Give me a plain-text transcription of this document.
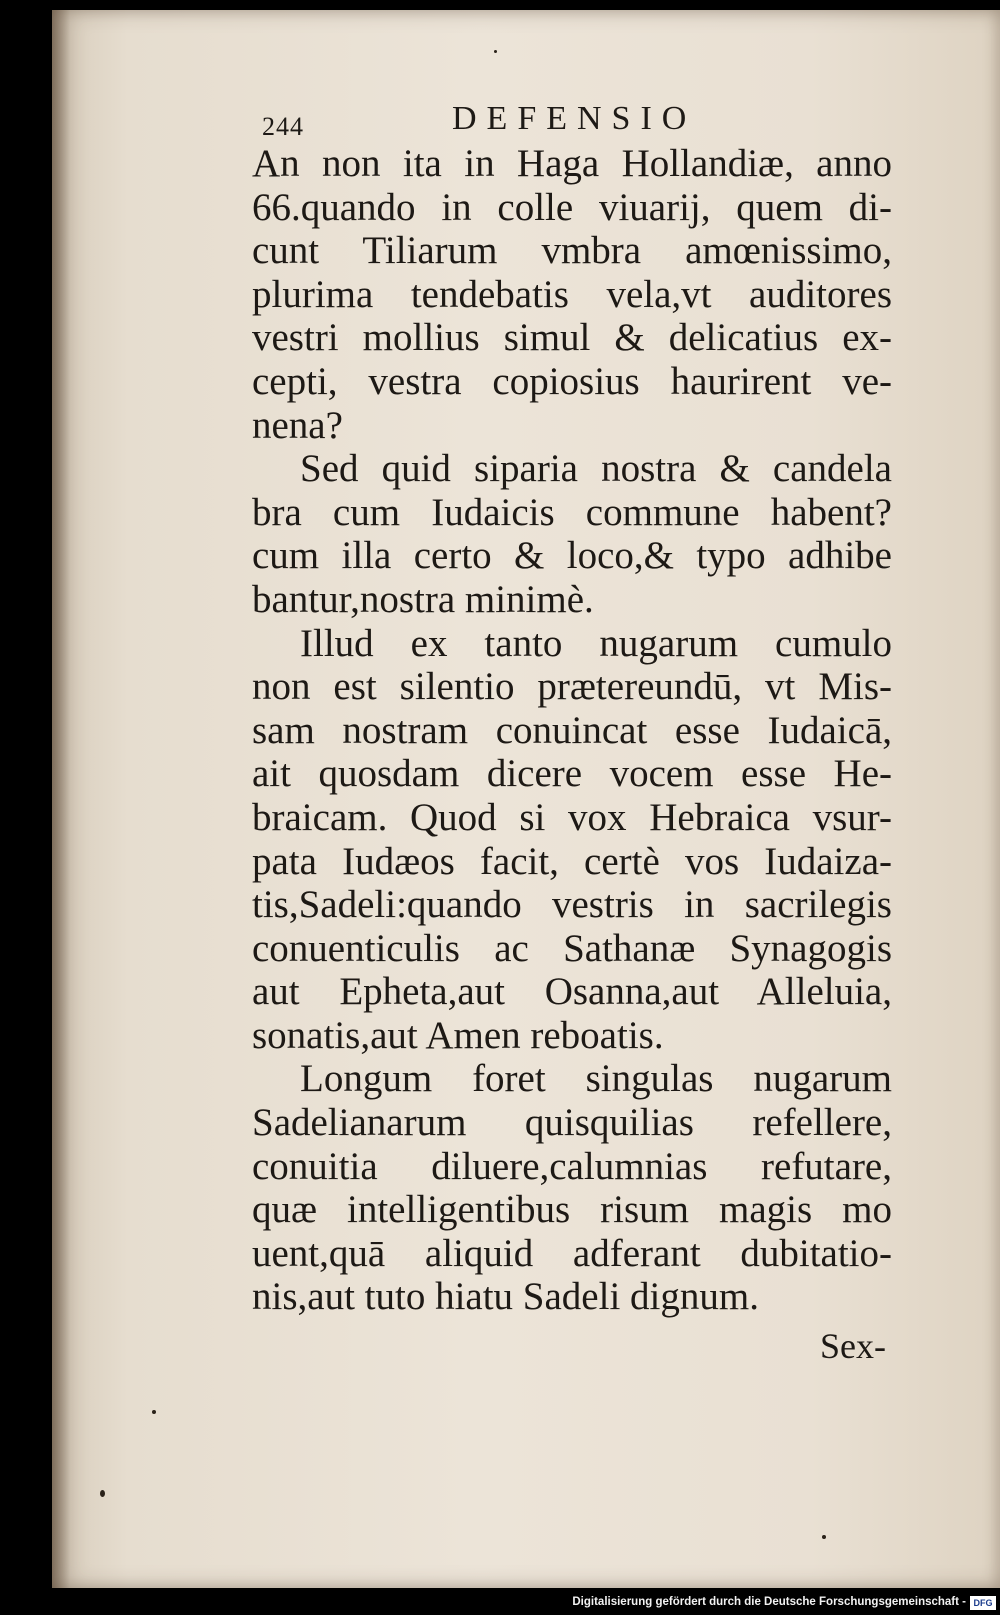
244	DEFENSIO
An non ita in Haga Hollandiæ, anno
66.quando in colle viuarij, quem di-
cunt Tiliarum vmbra amœnissimo,
plurima tendebatis vela,vt auditores
vestri mollius simul & delicatius ex-
cepti, vestra copiosius haurirent ve-
nena?
Sed quid siparia nostra & candela
bra cum Iudaicis commune habent?
cum illa certo & loco,& typo adhibe
bantur,nostra minimè.
Illud ex tanto nugarum cumulo
non est silentio prætereundū, vt Mis-
sam nostram conuincat esse Iudaicā,
ait quosdam dicere vocem esse He-
braicam. Quod si vox Hebraica vsur-
pata Iudæos facit, certè vos Iudaiza-
tis,Sadeli:quando vestris in sacrilegis
conuenticulis ac Sathanæ Synagogis
aut Epheta,aut Osanna,aut Alleluia,
sonatis,aut Amen reboatis.
Longum foret singulas nugarum
Sadelianarum quisquilias refellere,
conuitia diluere,calumnias refutare,
quæ intelligentibus risum magis mo
uent,quā aliquid adferant dubitatio-
nis,aut tuto hiatu Sadeli dignum.
Sex-
Digitalisierung gefördert durch die Deutsche Forschungsgemeinschaft - DFG
